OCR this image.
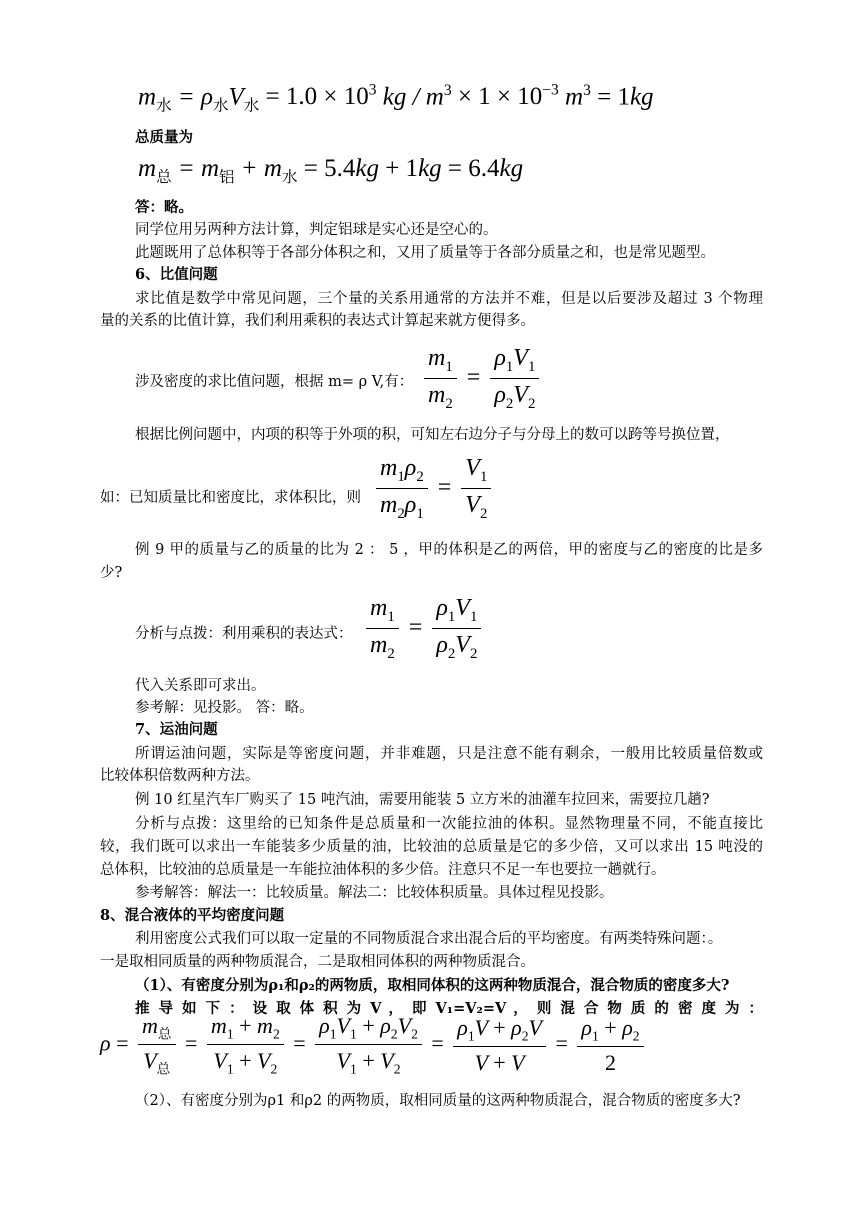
$m_水 = \rho_水V_水 = 1.0 \times 10^3$ kg / $m^3 \times 1 \times 10^{-3}$ $m^3 = 1kg$
总质量为
$m_总 = m_铝 + m_水 = 5.4kg + 1kg = 6.4kg$
答：略。
同学位用另两种方法计算，判定铝球是实心还是空心的。
此题既用了总体积等于各部分体积之和，又用了质量等于各部分质量之和，也是常见题型。
6、比值问题
求比值是数学中常见问题，三个量的关系用通常的方法并不难，但是以后要涉及超过 3 个物理
量的关系的比值计算，我们利用乘积的表达式计算起来就方便得多。
涉及密度的求比值问题，根据 m= ρ V,有： $\frac{m_1}{m_2} = \frac{\rho_1V_1}{\rho_2V_2}$
根据比例问题中，内项的积等于外项的积，可知左右边分子与分母上的数可以跨等号换位置，
如：已知质量比和密度比，求体积比，则 $\frac{m_1\rho_2}{m_2\rho_1} = \frac{V_1}{V_2}$
例 9 甲的质量与乙的质量的比为 2 ： 5 ，甲的体积是乙的两倍，甲的密度与乙的密度的比是多
少?
分析与点拨：利用乘积的表达式： $\frac{m_1}{m_2} = \frac{\rho_1V_1}{\rho_2V_2}$
代入关系即可求出。
参考解：见投影。 答：略。
7、运油问题
所谓运油问题，实际是等密度问题，并非难题，只是注意不能有剩余，一般用比较质量倍数或
比较体积倍数两种方法。
例 10 红星汽车厂购买了 15 吨汽油，需要用能装 5 立方米的油灌车拉回来，需要拉几趟?
分析与点拨：这里给的已知条件是总质量和一次能拉油的体积。显然物理量不同，不能直接比
较，我们既可以求出一车能装多少质量的油，比较油的总质量是它的多少倍，又可以求出 15 吨没的
总体积，比较油的总质量是一车能拉油体积的多少倍。注意只不足一车也要拉一趟就行。
参考解答：解法一：比较质量。解法二：比较体积质量。具体过程见投影。
8、混合液体的平均密度问题
利用密度公式我们可以取一定量的不同物质混合求出混合后的平均密度。有两类特殊问题：。
一是取相同质量的两种物质混合，二是取相同体积的两种物质混合。
（1）、有密度分别为ρ₁和ρ₂的两物质，取相同体积的这两种物质混合，混合物质的密度多大?
推 导 如 下 ： 设 取 体 积 为 V ， 即 V₁=V₂=V ， 则 混 合 物 质 的 密 度 为 ：
$\rho = \frac{m_总}{V_总} = \frac{m_1 + m_2}{V_1 + V_2} = \frac{\rho_1V_1 + \rho_2V_2}{V_1 + V_2} = \frac{\rho_1V + \rho_2V}{V + V} = \frac{\rho_1 + \rho_2}{2}$
（2）、有密度分别为ρ1 和ρ2 的两物质，取相同质量的这两种物质混合，混合物质的密度多大?
